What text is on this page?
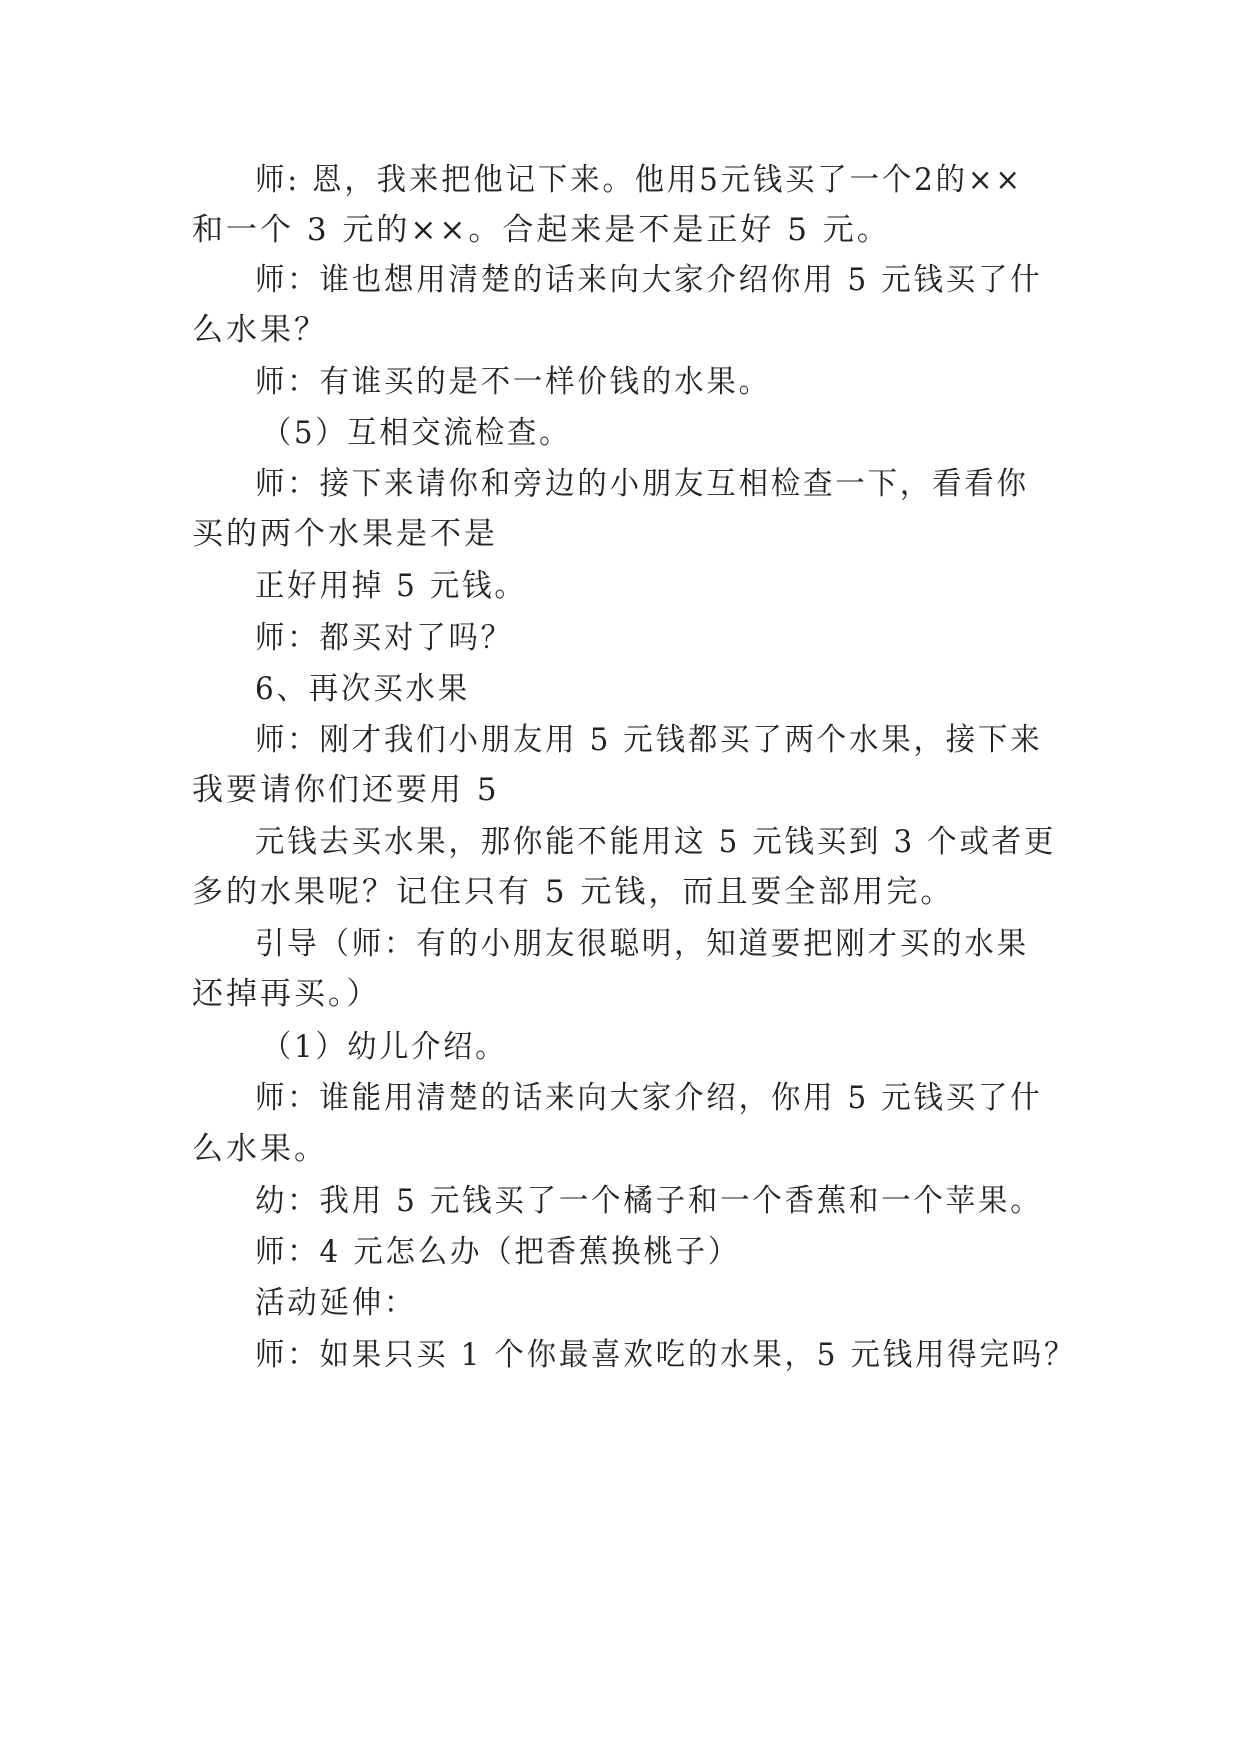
师: 恩，我来把他记下来。他用5元钱买了一个2的××
和一个 3 元的××。合起来是不是正好 5 元。
师：谁也想用清楚的话来向大家介绍你用 5 元钱买了什
么水果？
师：有谁买的是不一样价钱的水果。
（5）互相交流检查。
师：接下来请你和旁边的小朋友互相检查一下，看看你
买的两个水果是不是
正好用掉 5 元钱。
师：都买对了吗？
6、再次买水果
师：刚才我们小朋友用 5 元钱都买了两个水果，接下来
我要请你们还要用 5
元钱去买水果，那你能不能用这 5 元钱买到 3 个或者更
多的水果呢？记住只有 5 元钱，而且要全部用完。
引导（师：有的小朋友很聪明，知道要把刚才买的水果
还掉再买。）
（1）幼儿介绍。
师：谁能用清楚的话来向大家介绍，你用 5 元钱买了什
么水果。
幼：我用 5 元钱买了一个橘子和一个香蕉和一个苹果。
师：4 元怎么办（把香蕉换桃子）
活动延伸：
师：如果只买 1 个你最喜欢吃的水果，5 元钱用得完吗？
